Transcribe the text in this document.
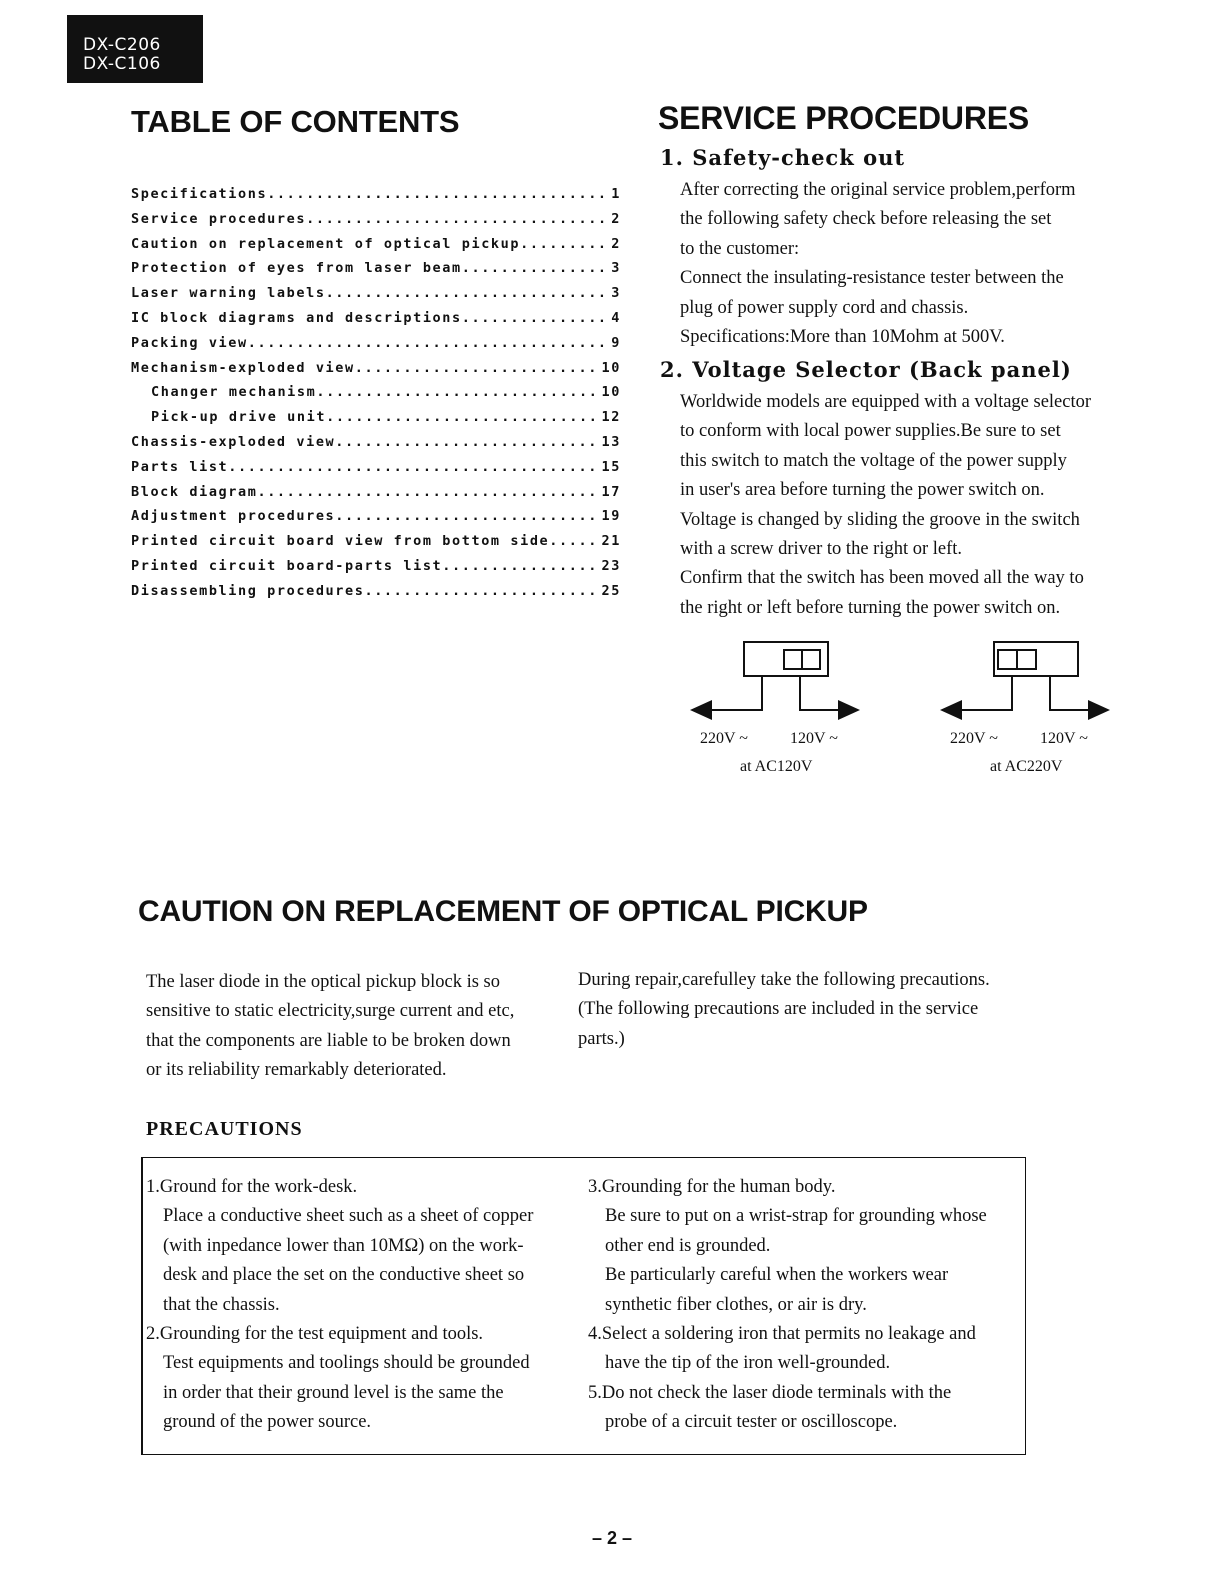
DX-C206
DX-C106
TABLE OF CONTENTS
Specifications .....	1
Service procedures .....	2
Caution on replacement of optical pickup .....	2
Protection of eyes from laser beam .....	3
Laser warning labels .....	3
IC block diagrams and descriptions .....	4
Packing view .....	9
Mechanism-exploded view .....	10
Changer mechanism .....	10
Pick-up drive unit .....	12
Chassis-exploded view .....	13
Parts list .....	15
Block diagram .....	17
Adjustment procedures .....	19
Printed circuit board view from bottom side .....	21
Printed circuit board-parts list .....	23
Disassembling procedures .....	25
SERVICE PROCEDURES
1. Safety-check out
After correcting the original service problem,perform
the following safety check before releasing the set
to the customer:
Connect the insulating-resistance tester between the
plug of power supply cord and chassis.
Specifications:More than 10Mohm at 500V.
2. Voltage Selector (Back panel)
Worldwide models are equipped with a voltage selector
to conform with local power supplies.Be sure to set
this switch to match the voltage of the power supply
in user's area before turning the power switch on.
Voltage is changed by sliding the groove in the switch
with a screw driver to the right or left.
Confirm that the switch has been moved all the way to
the right or left before turning the power switch on.
220V ~	120V ~
at AC120V
220V ~	120V ~
at AC220V
CAUTION ON REPLACEMENT OF OPTICAL PICKUP
The laser diode in the optical pickup block is so
sensitive to static electricity,surge current and etc,
that the components are liable to be broken down
or its reliability remarkably deteriorated.
During repair,carefulley take the following precautions.
(The following precautions are included in the service
parts.)
PRECAUTIONS
1.Ground for the work-desk.
Place a conductive sheet such as a sheet of copper
(with inpedance lower than 10MΩ) on the work-
desk and place the set on the conductive sheet so
that the chassis.
2.Grounding for the test equipment and tools.
Test equipments and toolings should be grounded
in order that their ground level is the same the
ground of the power source.
3.Grounding for the human body.
Be sure to put on a wrist-strap for grounding whose
other end is grounded.
Be particularly careful when the workers wear
synthetic fiber clothes, or air is dry.
4.Select a soldering iron that permits no leakage and
have the tip of the iron well-grounded.
5.Do not check the laser diode terminals with the
probe of a circuit tester or oscilloscope.
– 2 –
